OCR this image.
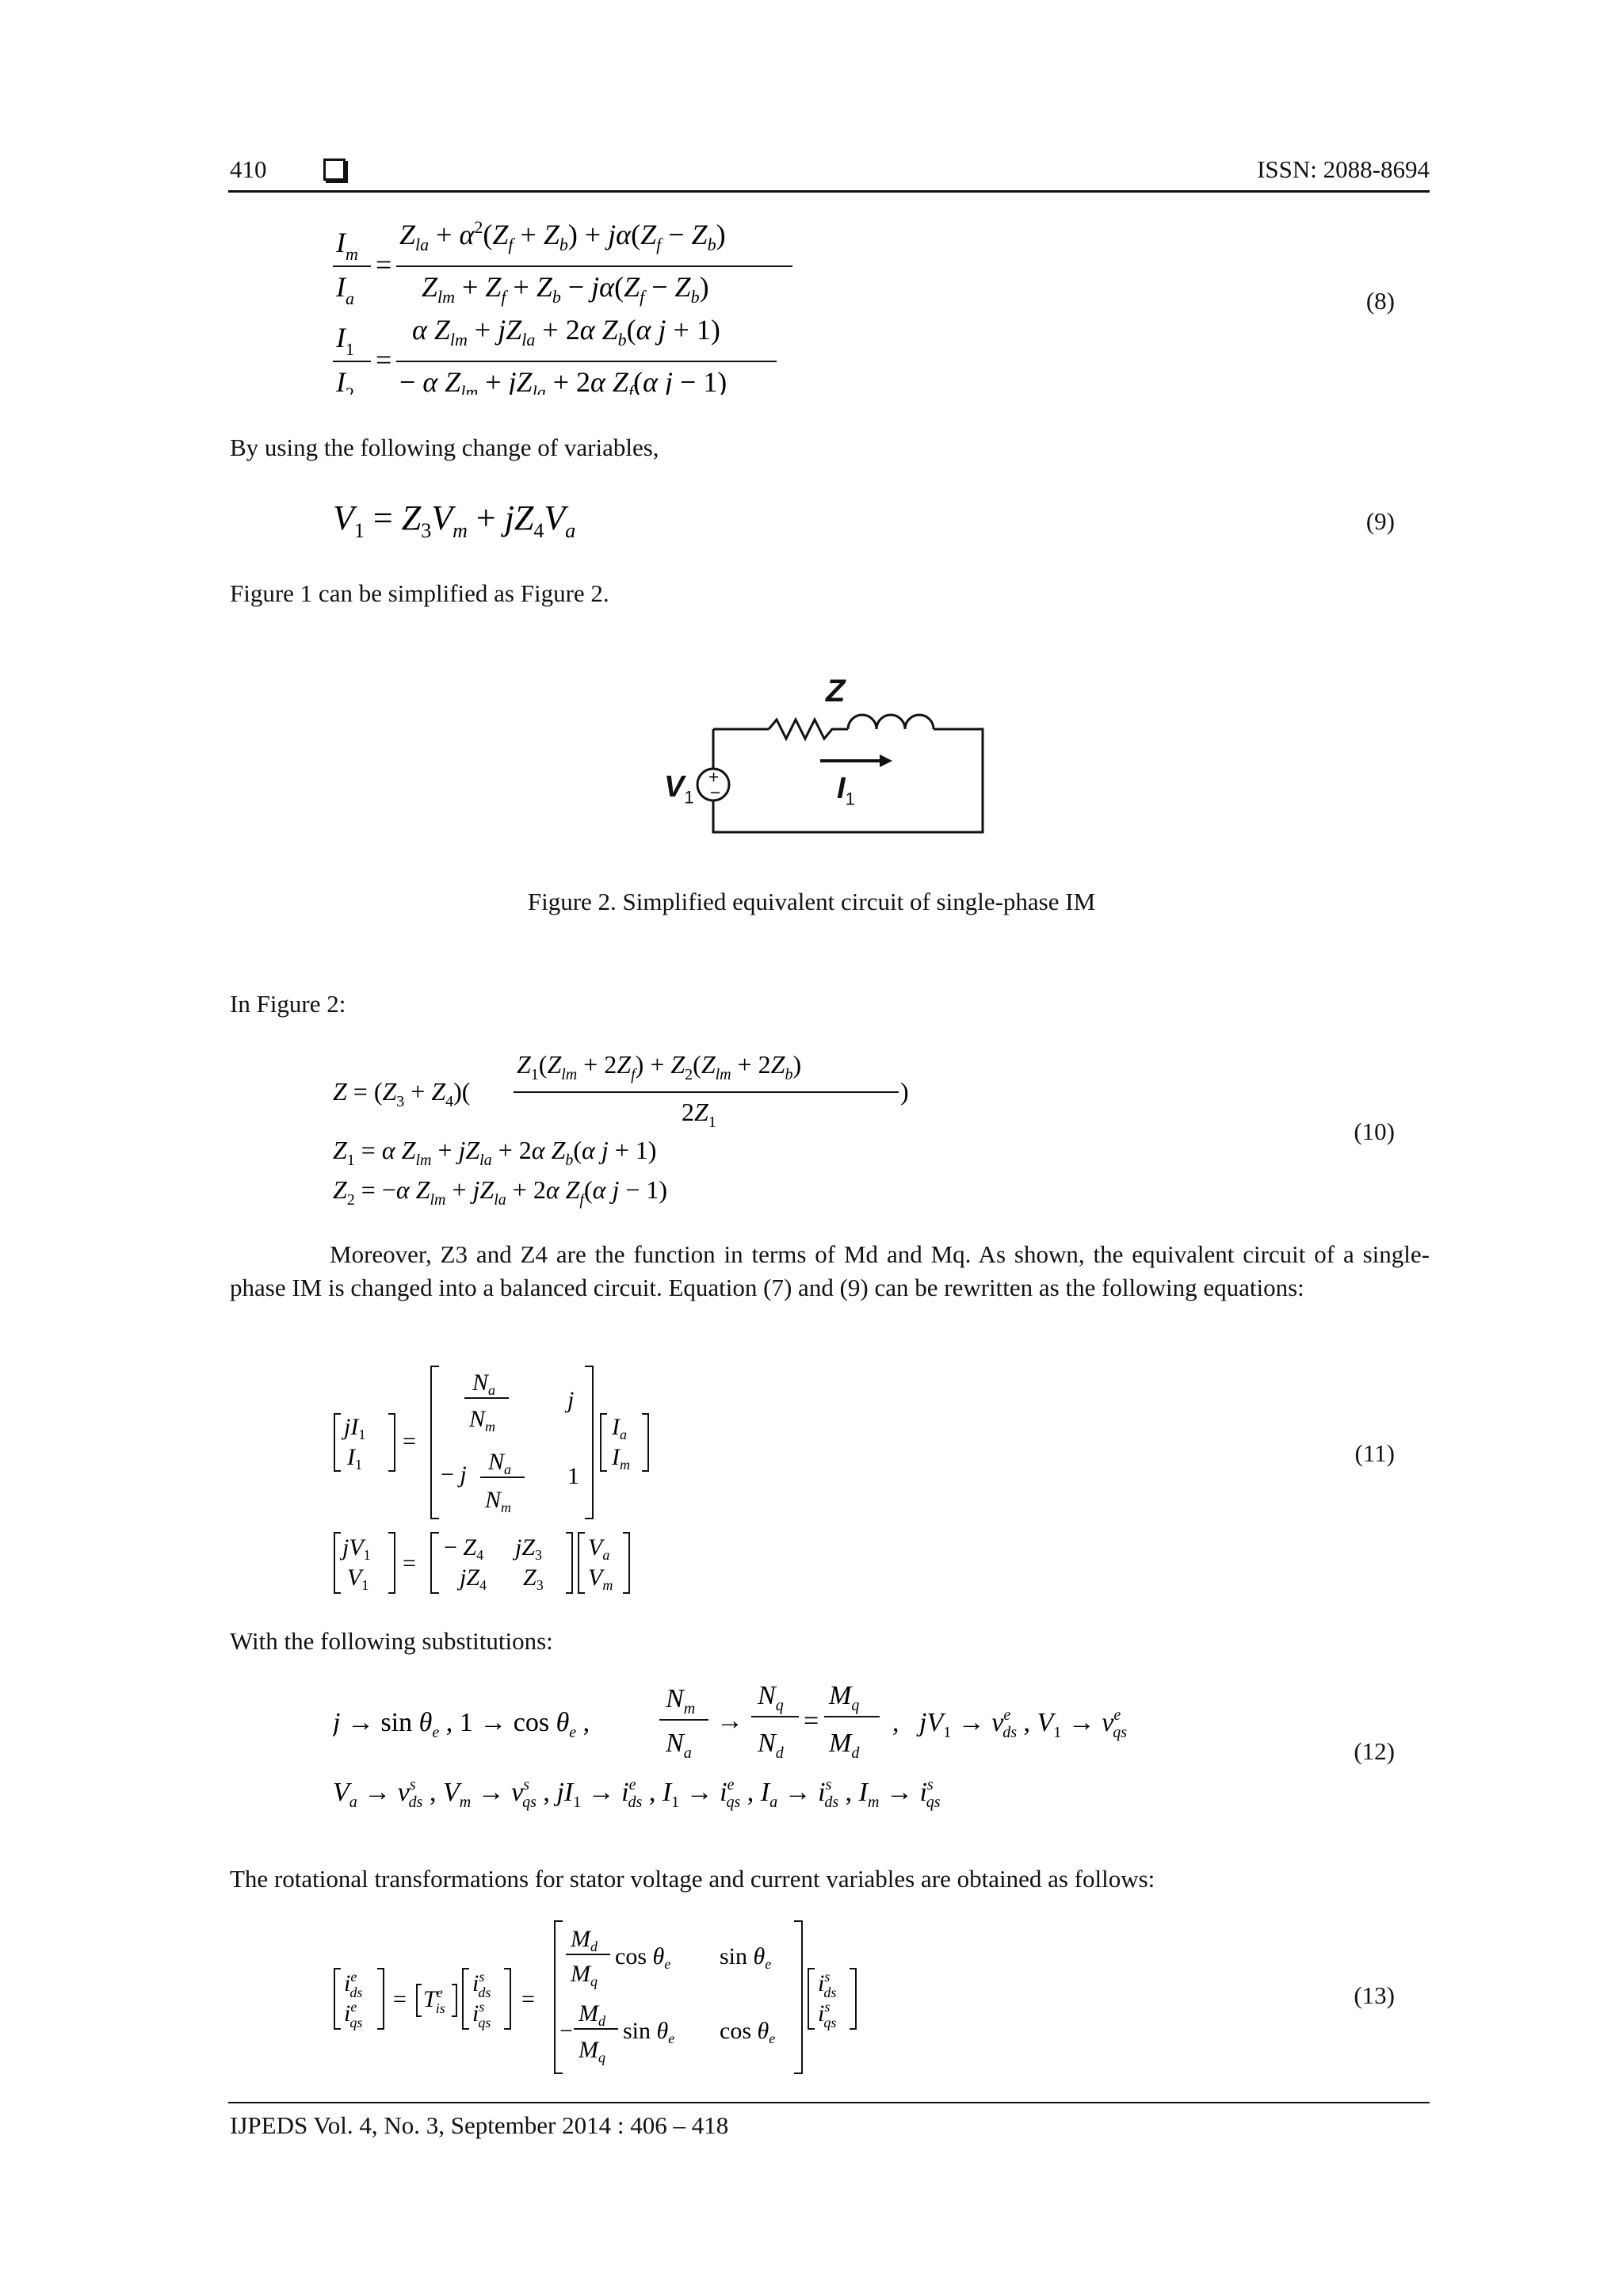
410	ISSN: 2088-8694
I m
I a
=
$Z_{la} + \alpha^2(Z_f + Z_b) + j\alpha(Z_f - Z_b)$
$Z_{lm} + Z_f + Z_b - j\alpha(Z_f - Z_b)$
I 1
I 2
=
α $Z_{lm} + jZ_{la} + 2\alpha$ $Z_b(\alpha$ j + 1)
− α $Z_{lm} + jZ_{la} + 2\alpha$ $Z_f(\alpha$ j − 1)
(8)

By using the following change of variables,

$V_1 = Z_3V_m + jZ_4V_a$	(9)

Figure 1 can be simplified as Figure 2.

+
−
Z
$V_1$	$I_1$
Figure 2. Simplified equivalent circuit of single-phase IM

In Figure 2:

$Z = (Z_3 + Z_4)$(
$Z_1(Z_{lm} + 2Z_f) + Z_2(Z_{lm} + 2Z_b)$
)
$2Z_1$
$Z_1 = \alpha$ $Z_{lm} + jZ_{la} + 2\alpha$ $Z_b(\alpha$ j + 1)
$Z_2 = -\alpha$ $Z_{lm} + jZ_{la} + 2\alpha$ $Z_f(\alpha$ j − 1)
(10)

Moreover, Z3 and Z4 are the function in terms of Md and Mq. As shown, the equivalent circuit of a single-phase IM is changed into a balanced circuit. Equation (7) and (9) can be rewritten as the following equations:

$jI_1$
$I_1$
=
$N_a$
$N_m$
j
− j $N_a$
$N_m$
1
$I_a$
$I_m$
$jV_1$
$V_1$
=
− $Z_4$ $jZ_3$
$jZ_4$ $Z_3$
$V_a$
$V_m$
(11)

With the following substitutions:

$j \to \sin \theta_e$ , $1 \to \cos \theta_e$ ,
$N_m$
$N_a$
→
$N_q$
$N_d$
=
$M_q$
$M_d$
, $jV_1 \to v^e$ ds , $V_1 \to v^e$ qs
$V_a \to v^s$ ds , $V_m \to v^s$ qs , $jI_1 \to i^e$ ds , $I_1 \to i^e$ qs , $I_a \to i^s$ ds , $I_m \to i^s$ qs
(12)

The rotational transformations for stator voltage and current variables are obtained as follows:

$i^e$ ds
$i^e$ qs
= $T^e$ is
$i^s$ ds
$i^s$ qs
=
$M_d$
$M_q$
$\cos \theta_e$ $\sin \theta_e$
−
$M_d$
$M_q$
$\sin \theta_e$ $\cos \theta_e$
$i^s$ ds
$i^s$ qs
(13)
IJPEDS Vol. 4, No. 3, September 2014 : 406 – 418
